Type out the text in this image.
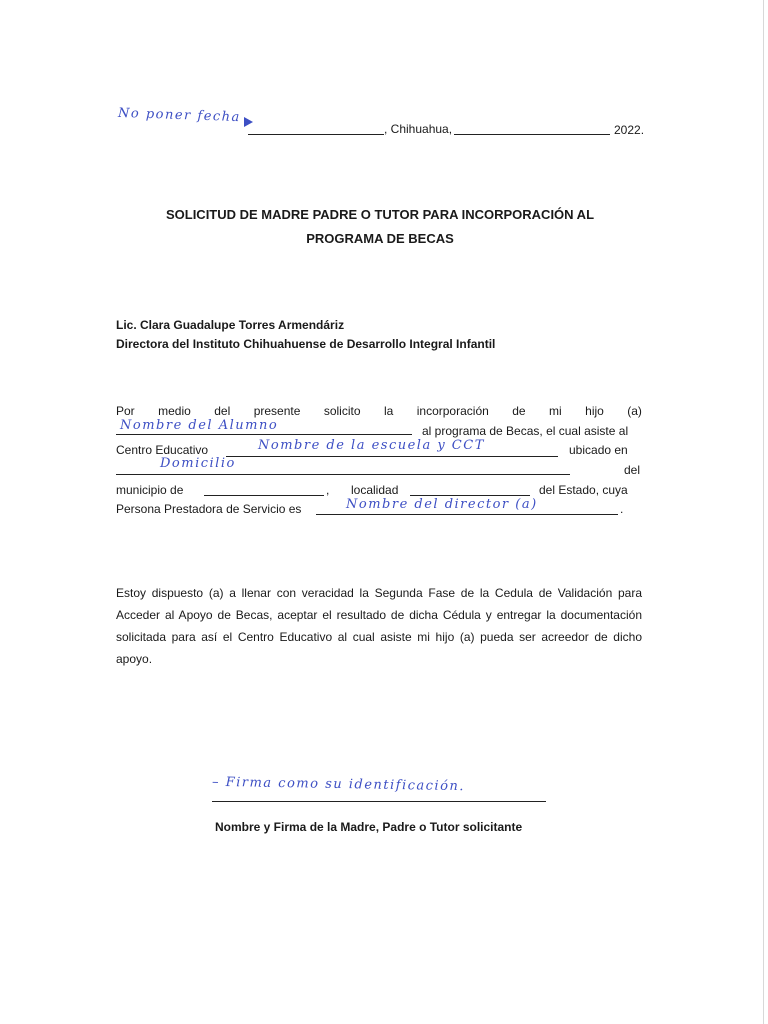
No poner fecha
, Chihuahua,	2022.
SOLICITUD DE MADRE PADRE O TUTOR PARA INCORPORACIÓN AL
PROGRAMA DE BECAS
Lic. Clara Guadalupe Torres Armendáriz
Directora del Instituto Chihuahuense de Desarrollo Integral Infantil
Por medio del presente solicito la incorporación de mi hijo (a)
Nombre del Alumno	al programa de Becas, el cual asiste al
Centro Educativo	Nombre de la escuela y CCT	ubicado en
Domicilio	del
municipio de	, localidad	del Estado, cuya
Persona Prestadora de Servicio es	Nombre del director (a)	.
Estoy dispuesto (a) a llenar con veracidad la Segunda Fase de la Cedula de Validación para Acceder al Apoyo de Becas, aceptar el resultado de dicha Cédula y entregar la documentación solicitada para así el Centro Educativo al cual asiste mi hijo (a) pueda ser acreedor de dicho apoyo.
– Firma como su identificación.
Nombre y Firma de la Madre, Padre o Tutor solicitante
